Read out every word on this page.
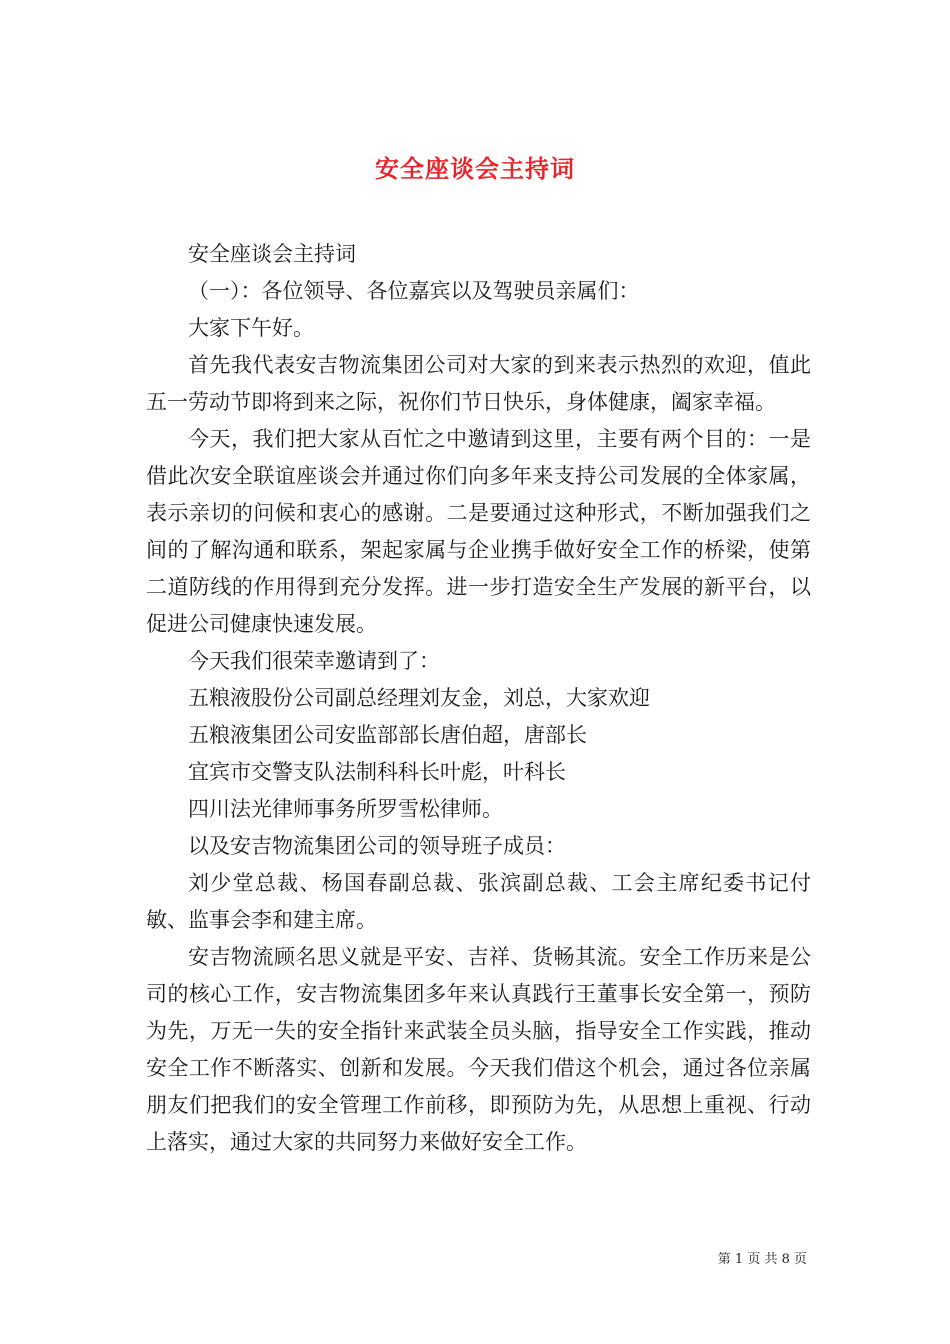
安全座谈会主持词

安全座谈会主持词

（一）：各位领导、各位嘉宾以及驾驶员亲属们：

大家下午好。

首先我代表安吉物流集团公司对大家的到来表示热烈的欢迎，值此五一劳动节即将到来之际，祝你们节日快乐，身体健康，阖家幸福。

今天，我们把大家从百忙之中邀请到这里，主要有两个目的：一是借此次安全联谊座谈会并通过你们向多年来支持公司发展的全体家属，表示亲切的问候和衷心的感谢。二是要通过这种形式，不断加强我们之间的了解沟通和联系，架起家属与企业携手做好安全工作的桥梁，使第二道防线的作用得到充分发挥。进一步打造安全生产发展的新平台，以促进公司健康快速发展。

今天我们很荣幸邀请到了：

五粮液股份公司副总经理刘友金，刘总，大家欢迎

五粮液集团公司安监部部长唐伯超，唐部长

宜宾市交警支队法制科科长叶彪，叶科长

四川法光律师事务所罗雪松律师。

以及安吉物流集团公司的领导班子成员：

刘少堂总裁、杨国春副总裁、张滨副总裁、工会主席纪委书记付敏、监事会李和建主席。

安吉物流顾名思义就是平安、吉祥、货畅其流。安全工作历来是公司的核心工作，安吉物流集团多年来认真践行王董事长安全第一，预防为先，万无一失的安全指针来武装全员头脑，指导安全工作实践，推动安全工作不断落实、创新和发展。今天我们借这个机会，通过各位亲属朋友们把我们的安全管理工作前移，即预防为先，从思想上重视、行动上落实，通过大家的共同努力来做好安全工作。

第 1 页 共 8 页
